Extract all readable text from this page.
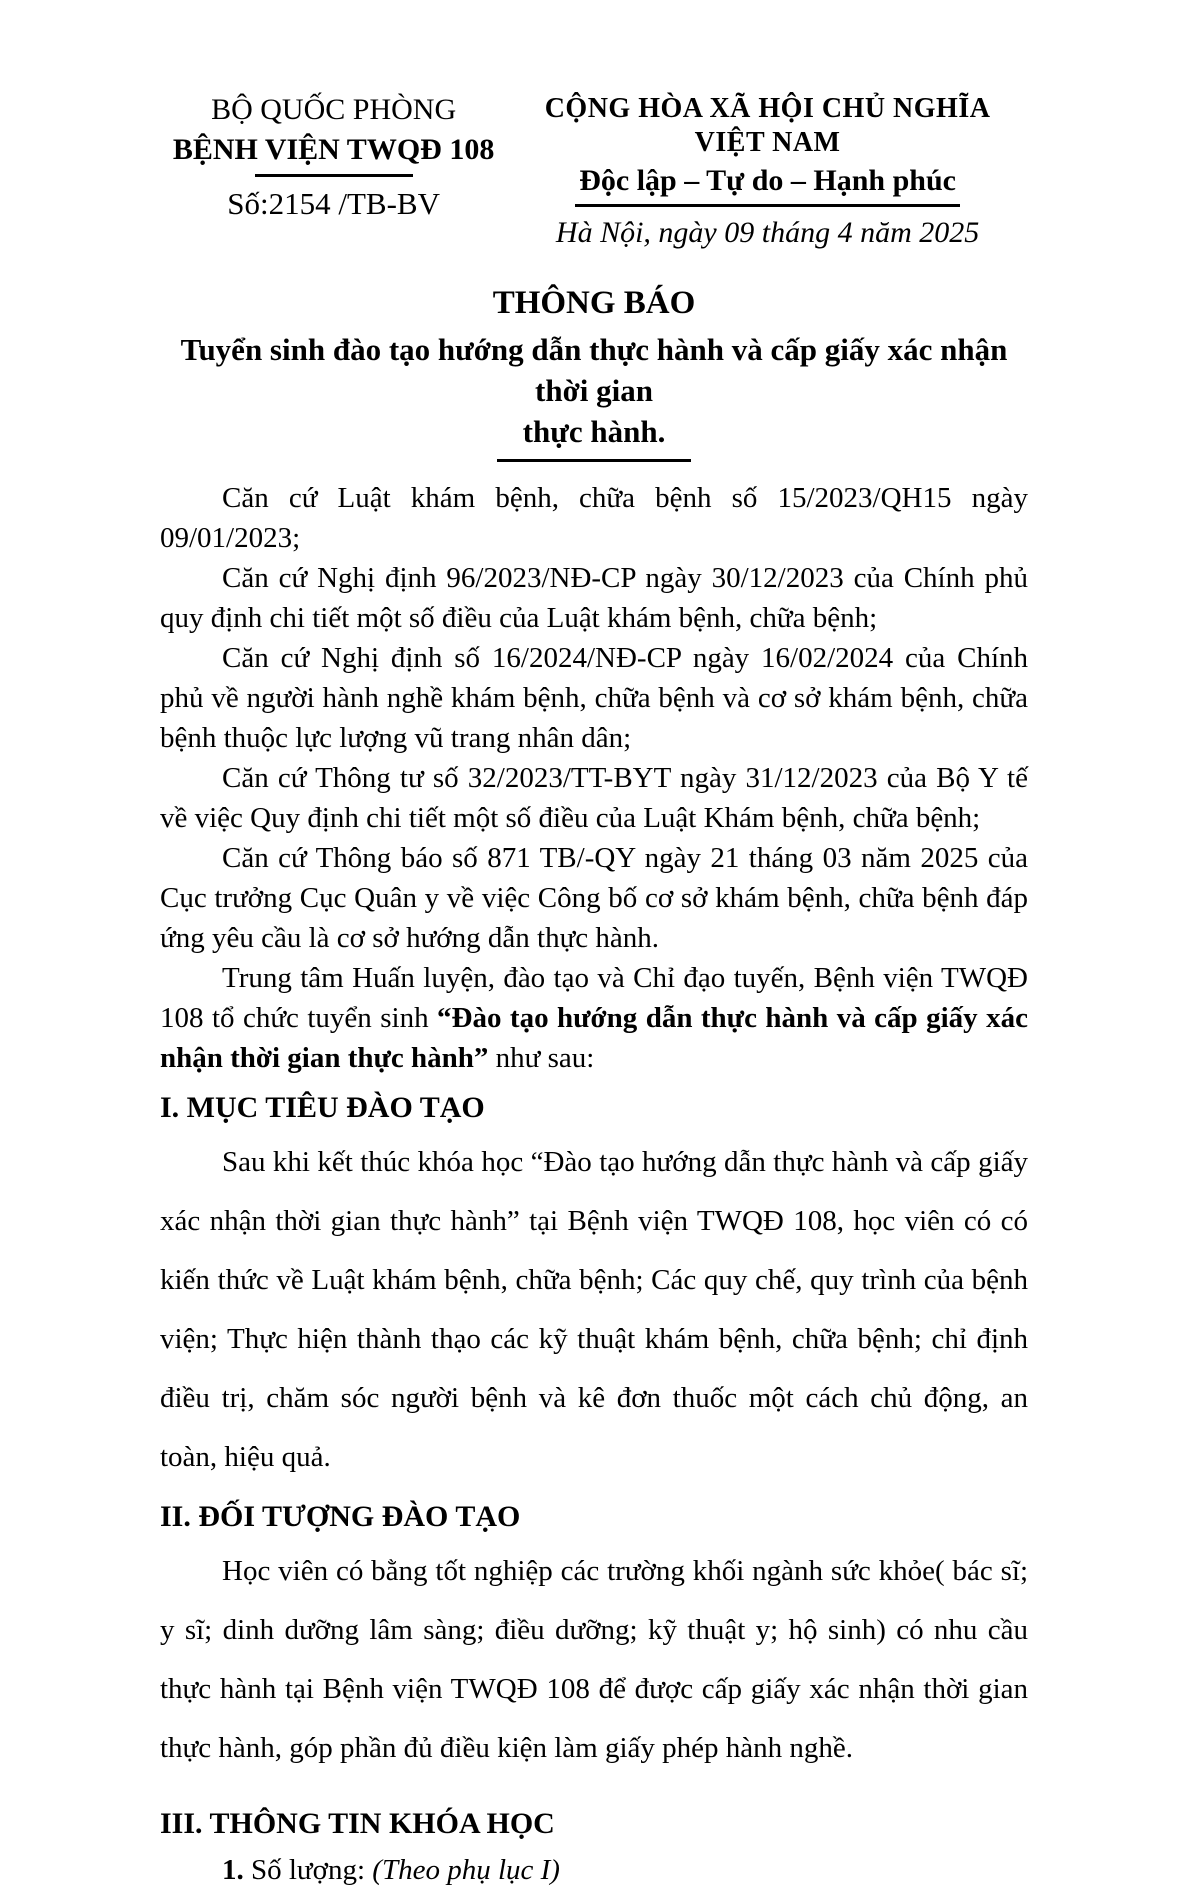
BỘ QUỐC PHÒNG
BỆNH VIỆN TWQĐ 108
Số:2154 /TB-BV
CỘNG HÒA XÃ HỘI CHỦ NGHĨA VIỆT NAM
Độc lập – Tự do – Hạnh phúc
Hà Nội, ngày 09 tháng 4 năm 2025
THÔNG BÁO
Tuyển sinh đào tạo hướng dẫn thực hành và cấp giấy xác nhận thời gian
thực hành.

Căn cứ Luật khám bệnh, chữa bệnh số 15/2023/QH15 ngày 09/01/2023;

Căn cứ Nghị định 96/2023/NĐ-CP ngày 30/12/2023 của Chính phủ quy định chi tiết một số điều của Luật khám bệnh, chữa bệnh;

Căn cứ Nghị định số 16/2024/NĐ-CP ngày 16/02/2024 của Chính phủ về người hành nghề khám bệnh, chữa bệnh và cơ sở khám bệnh, chữa bệnh thuộc lực lượng vũ trang nhân dân;

Căn cứ Thông tư số 32/2023/TT-BYT ngày 31/12/2023 của Bộ Y tế về việc Quy định chi tiết một số điều của Luật Khám bệnh, chữa bệnh;

Căn cứ Thông báo số 871 TB/-QY ngày 21 tháng 03 năm 2025 của Cục trưởng Cục Quân y về việc Công bố cơ sở khám bệnh, chữa bệnh đáp ứng yêu cầu là cơ sở hướng dẫn thực hành.

Trung tâm Huấn luyện, đào tạo và Chỉ đạo tuyến, Bệnh viện TWQĐ 108 tổ chức tuyển sinh “Đào tạo hướng dẫn thực hành và cấp giấy xác nhận thời gian thực hành” như sau:

I. MỤC TIÊU ĐÀO TẠO

Sau khi kết thúc khóa học “Đào tạo hướng dẫn thực hành và cấp giấy xác nhận thời gian thực hành” tại Bệnh viện TWQĐ 108, học viên có có kiến thức về Luật khám bệnh, chữa bệnh; Các quy chế, quy trình của bệnh viện; Thực hiện thành thạo các kỹ thuật khám bệnh, chữa bệnh; chỉ định điều trị, chăm sóc người bệnh và kê đơn thuốc một cách chủ động, an toàn, hiệu quả.

II. ĐỐI TƯỢNG ĐÀO TẠO

Học viên có bằng tốt nghiệp các trường khối ngành sức khỏe( bác sĩ; y sĩ; dinh dưỡng lâm sàng; điều dưỡng; kỹ thuật y; hộ sinh) có nhu cầu thực hành tại Bệnh viện TWQĐ 108 để được cấp giấy xác nhận thời gian thực hành, góp phần đủ điều kiện làm giấy phép hành nghề.

III. THÔNG TIN KHÓA HỌC

1. Số lượng: (Theo phụ lục I)
